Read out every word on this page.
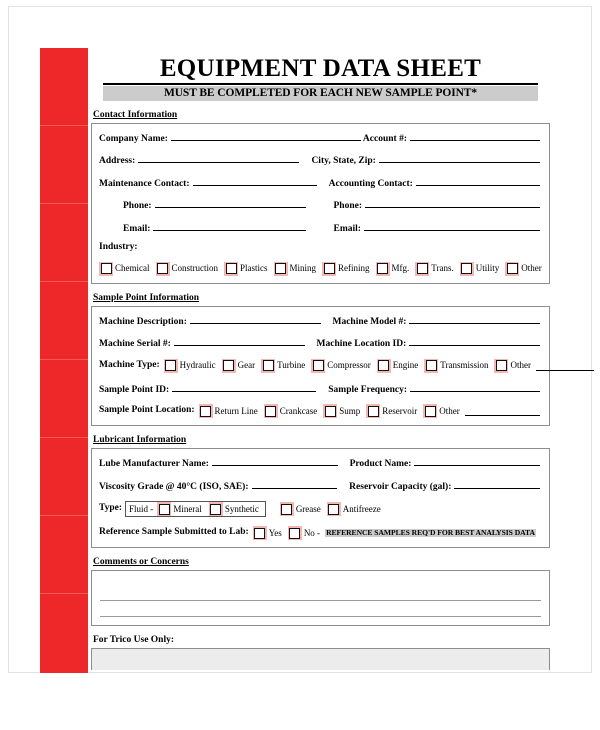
EQUIPMENT DATA SHEET
MUST BE COMPLETED FOR EACH NEW SAMPLE POINT*
Contact Information
Company Name:	Account #:
Address:	City, State, Zip:
Maintenance Contact:	Accounting Contact:
Phone:	Phone:
Email:	Email:
Industry:
Chemical Construction Plastics Mining Refining Mfg. Trans. Utility Other
Sample Point Information
Machine Description:	Machine Model #:
Machine Serial #:	Machine Location ID:
Machine Type: Hydraulic Gear Turbine Compressor Engine Transmission Other
Sample Point ID:	Sample Frequency:
Sample Point Location: Return Line Crankcase Sump Reservoir Other
Lubricant Information
Lube Manufacturer Name:	Product Name:
Viscosity Grade @ 40°C (ISO, SAE):	Reservoir Capacity (gal):
Type: Fluid - Mineral	Synthetic	Grease Antifreeze
Reference Sample Submitted to Lab: Yes No - REFERENCE SAMPLES REQ'D FOR BEST ANALYSIS DATA
Comments or Concerns
For Trico Use Only:
